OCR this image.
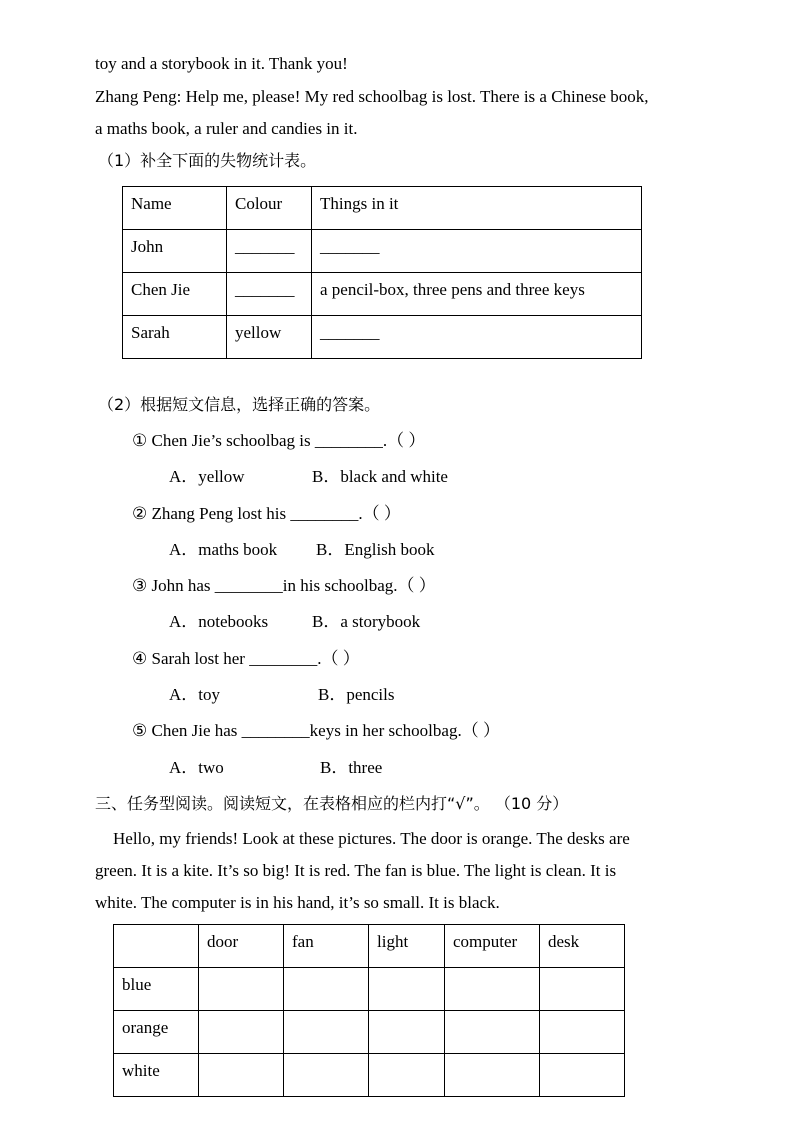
toy and a storybook in it. Thank you!
Zhang Peng: Help me, please! My red schoolbag is lost. There is a Chinese book,
a maths book, a ruler and candies in it.
（1）补全下面的失物统计表。
Name	Colour	Things in it
John	_______	_______
Chen Jie	_______	a pencil-box, three pens and three keys
Sarah	yellow	_______
（2）根据短文信息，选择正确的答案。
① Chen Jie’s schoolbag is ________.（ ）
A．yellow	B．black and white
② Zhang Peng lost his ________.（ ）
A．maths book B．English book
③ John has ________in his schoolbag.（ ）
A．notebooks	B．a storybook
④ Sarah lost her ________.（ ）
A．toy	B．pencils
⑤ Chen Jie has ________keys in her schoolbag.（ ）
A．two	B．three
三、任务型阅读。阅读短文，在表格相应的栏内打“√”。 （10 分）
Hello, my friends! Look at these pictures. The door is orange. The desks are
green. It is a kite. It’s so big! It is red. The fan is blue. The light is clean. It is
white. The computer is in his hand, it’s so small. It is black.
	door	fan	light	computer	desk
blue					
orange					
white					
